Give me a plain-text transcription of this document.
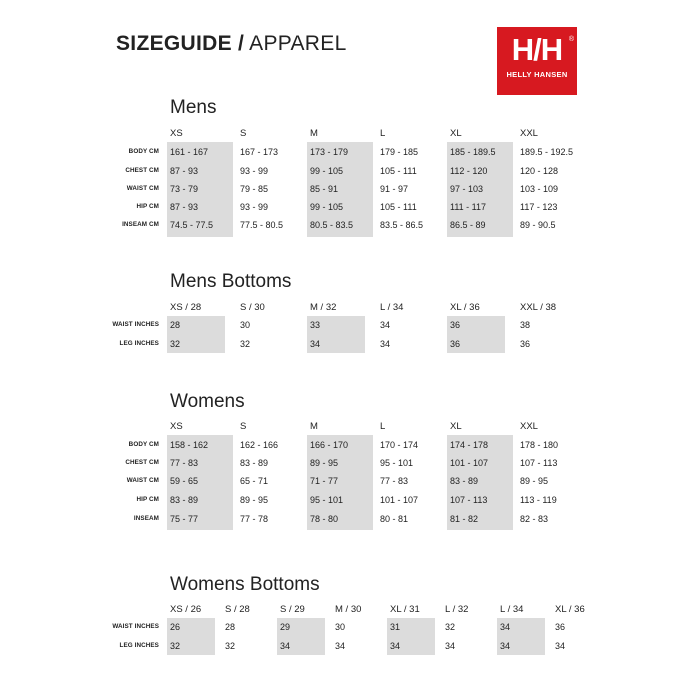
SIZEGUIDE / APPAREL	H/H
HELLY HANSEN
®
Mens
XS	S	M	L	XL	XXL
BODY CM 161 - 167	167 - 173	173 - 179	179 - 185	185 - 189.5	189.5 - 192.5
CHEST CM 87 - 93	93 - 99	99 - 105	105 - 111	112 - 120	120 - 128
WAIST CM 73 - 79	79 - 85	85 - 91	91 - 97	97 - 103	103 - 109
HIP CM 87 - 93	93 - 99	99 - 105	105 - 111	111 - 117	117 - 123
INSEAM CM 74.5 - 77.5	77.5 - 80.5	80.5 - 83.5	83.5 - 86.5	86.5 - 89	89 - 90.5
Mens Bottoms
XS / 28	S / 30	M / 32	L / 34	XL / 36	XXL / 38
WAIST INCHES 28	30	33	34	36	38
LEG INCHES 32	32	34	34	36	36
Womens
XS	S	M	L	XL	XXL
BODY CM 158 - 162	162 - 166	166 - 170	170 - 174	174 - 178	178 - 180
CHEST CM 77 - 83	83 - 89	89 - 95	95 - 101	101 - 107	107 - 113
WAIST CM 59 - 65	65 - 71	71 - 77	77 - 83	83 - 89	89 - 95
HIP CM 83 - 89	89 - 95	95 - 101	101 - 107	107 - 113	113 - 119
INSEAM 75 - 77	77 - 78	78 - 80	80 - 81	81 - 82	82 - 83
Womens Bottoms
XS / 26	S / 28	S / 29	M / 30	XL / 31	L / 32	L / 34	XL / 36
WAIST INCHES 26	28	29	30	31	32	34	36
LEG INCHES 32	32	34	34	34	34	34	34
